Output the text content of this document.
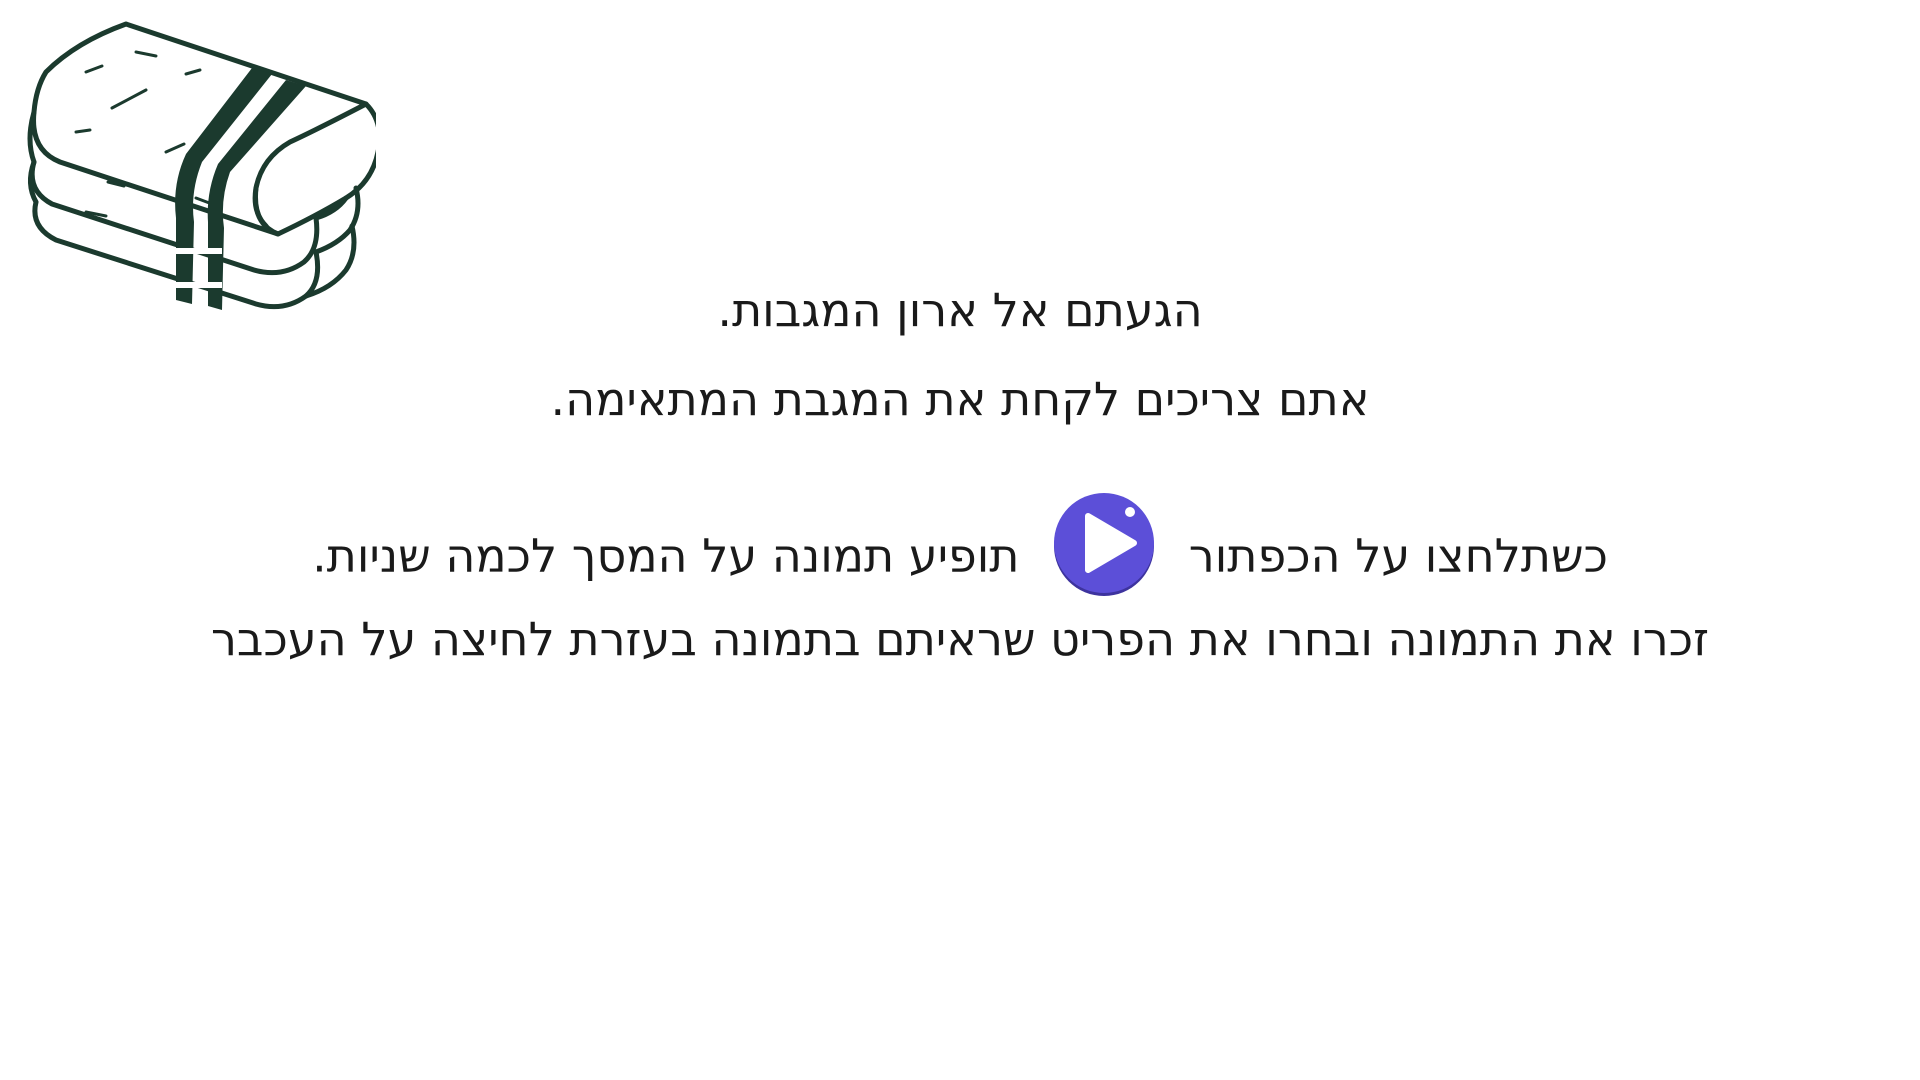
הגעתם אל ארון המגבות.
אתם צריכים לקחת את המגבת המתאימה.
כשתלחצו על הכפתור
תופיע תמונה על המסך לכמה שניות.
זכרו את התמונה ובחרו את הפריט שראיתם בתמונה בעזרת לחיצה על העכבר
